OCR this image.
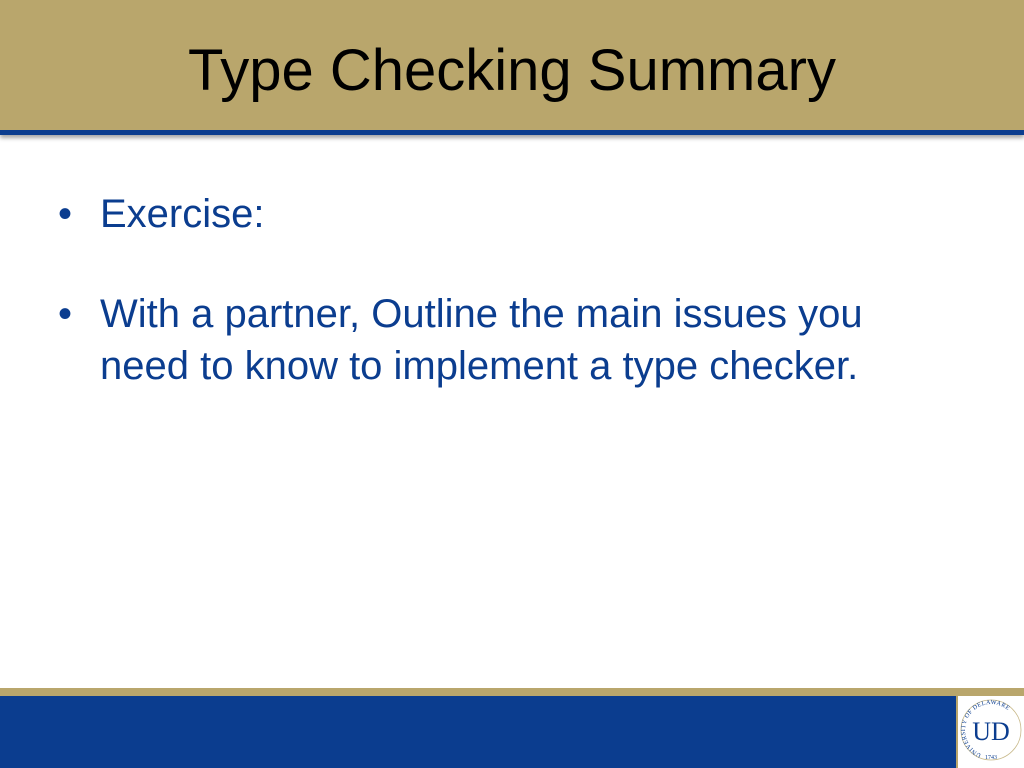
Type Checking Summary
• Exercise:
• With a partner, Outline the main issues you need to know to implement a type checker.
UNIVERSITY OF DELAWARE
UD
1743
